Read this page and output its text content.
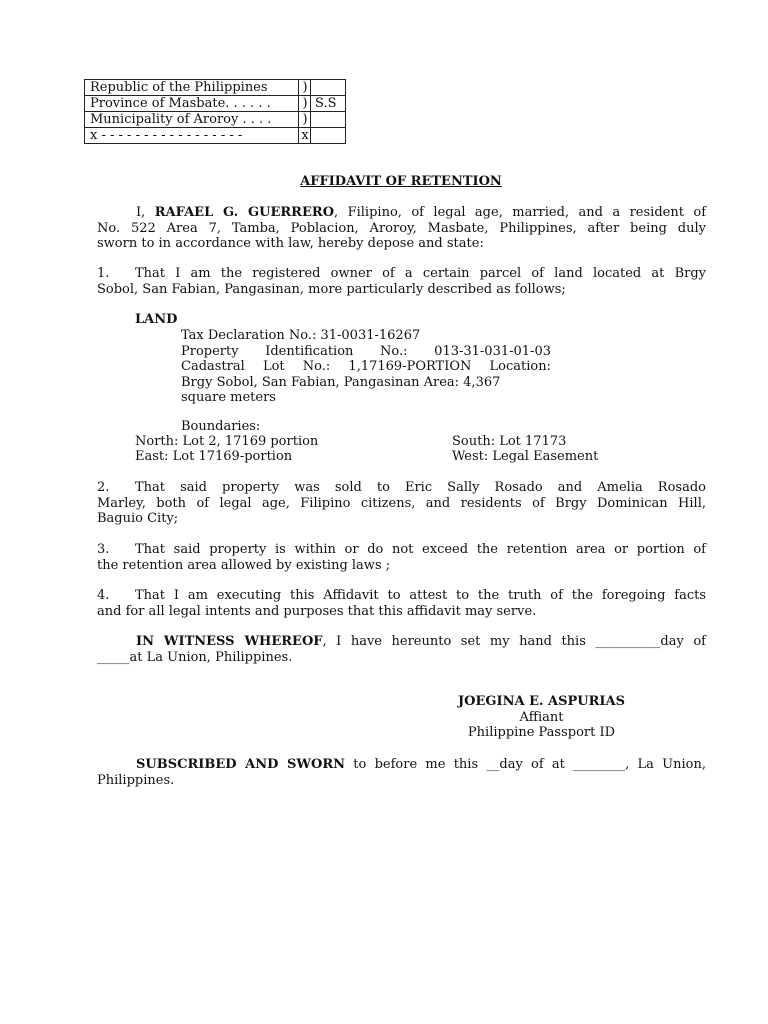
Republic of the Philippines	)	
Province of Masbate. . . . . .	)	S.S
Municipality of Aroroy . . . .	)	
x - - - - - - - - - - - - - - - - -	x	
AFFIDAVIT OF RETENTION

I, RAFAEL G. GUERRERO, Filipino, of legal age, married, and a resident of

No. 522 Area 7, Tamba, Poblacion, Aroroy, Masbate, Philippines, after being duly

sworn to in accordance with law, hereby depose and state:

1. That I am the registered owner of a certain parcel of land located at Brgy

Sobol, San Fabian, Pangasinan, more particularly described as follows;

LAND
Tax Declaration No.: 31-0031-16267
Property Identification No.: 013-31-031-01-03
Cadastral Lot No.: 1,17169-PORTION Location:
Brgy Sobol, San Fabian, Pangasinan Area: 4,367
square meters
Boundaries:
North: Lot 2, 17169 portion	South: Lot 17173
East: Lot 17169-portion	West: Legal Easement

2. That said property was sold to Eric Sally Rosado and Amelia Rosado

Marley, both of legal age, Filipino citizens, and residents of Brgy Dominican Hill,

Baguio City;

3. That said property is within or do not exceed the retention area or portion of

the retention area allowed by existing laws ;

4. That I am executing this Affidavit to attest to the truth of the foregoing facts

and for all legal intents and purposes that this affidavit may serve.

IN WITNESS WHEREOF, I have hereunto set my hand this __________day of

_____at La Union, Philippines.

JOEGINA E. ASPURIAS
Affiant
Philippine Passport ID

SUBSCRIBED AND SWORN to before me this __day of at ________, La Union,

Philippines.
